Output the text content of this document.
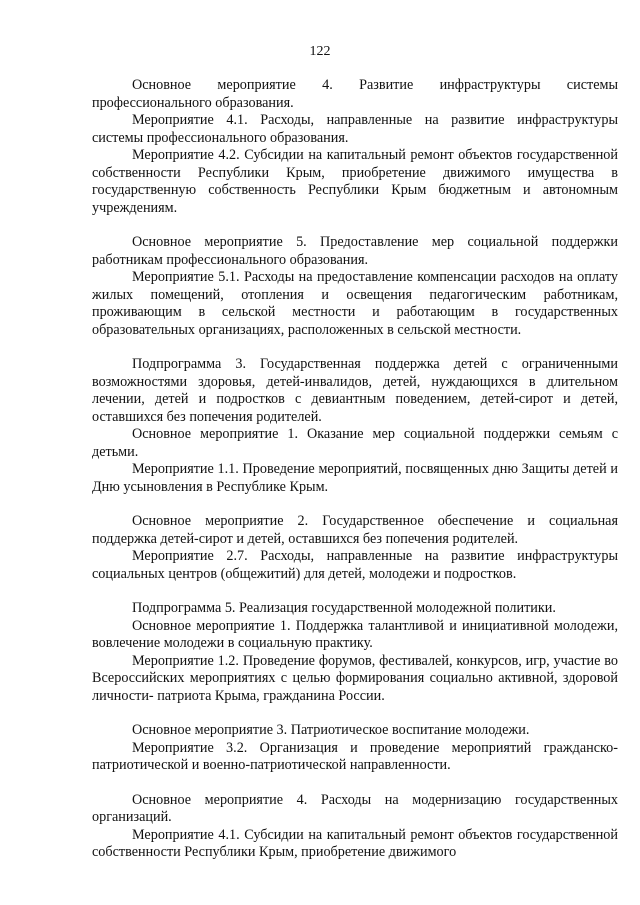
122

Основное мероприятие 4. Развитие инфраструктуры системы профессионального образования.

Мероприятие 4.1. Расходы, направленные на развитие инфраструктуры системы профессионального образования.

Мероприятие 4.2. Субсидии на капитальный ремонт объектов государственной собственности Республики Крым, приобретение движимого имущества в государственную собственность Республики Крым бюджетным и автономным учреждениям.

Основное мероприятие 5. Предоставление мер социальной поддержки работникам профессионального образования.

Мероприятие 5.1. Расходы на предоставление компенсации расходов на оплату жилых помещений, отопления и освещения педагогическим работникам, проживающим в сельской местности и работающим в государственных образовательных организациях, расположенных в сельской местности.

Подпрограмма 3. Государственная поддержка детей с ограниченными возможностями здоровья, детей-инвалидов, детей, нуждающихся в длительном лечении, детей и подростков с девиантным поведением, детей-сирот и детей, оставшихся без попечения родителей.

Основное мероприятие 1. Оказание мер социальной поддержки семьям с детьми.

Мероприятие 1.1. Проведение мероприятий, посвященных дню Защиты детей и Дню усыновления в Республике Крым.

Основное мероприятие 2. Государственное обеспечение и социальная поддержка детей-сирот и детей, оставшихся без попечения родителей.

Мероприятие 2.7. Расходы, направленные на развитие инфраструктуры социальных центров (общежитий) для детей, молодежи и подростков.

Подпрограмма 5. Реализация государственной молодежной политики.

Основное мероприятие 1. Поддержка талантливой и инициативной молодежи, вовлечение молодежи в социальную практику.

Мероприятие 1.2. Проведение форумов, фестивалей, конкурсов, игр, участие во Всероссийских мероприятиях с целью формирования социально активной, здоровой личности- патриота Крыма, гражданина России.

Основное мероприятие 3. Патриотическое воспитание молодежи.

Мероприятие 3.2. Организация и проведение мероприятий гражданско-патриотической и военно-патриотической направленности.

Основное мероприятие 4. Расходы на модернизацию государственных организаций.

Мероприятие 4.1. Субсидии на капитальный ремонт объектов государственной собственности Республики Крым, приобретение движимого
